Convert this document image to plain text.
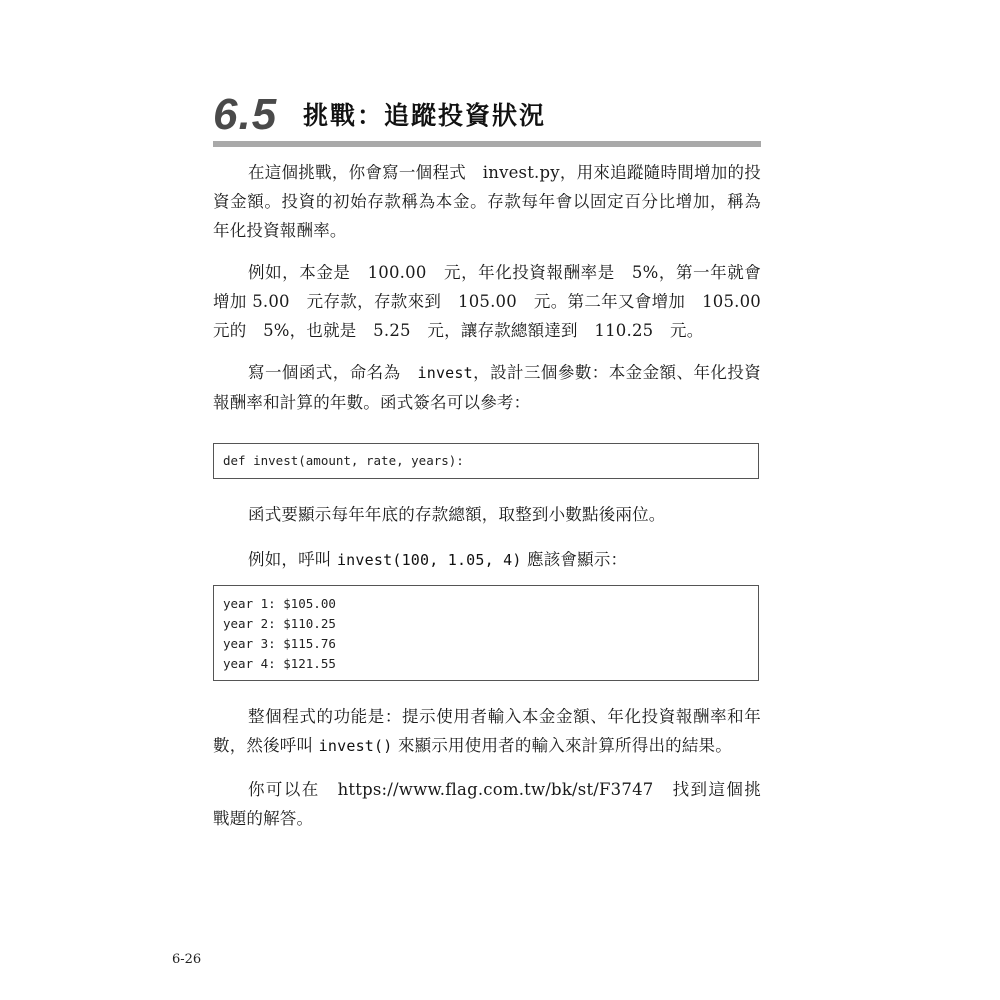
6.5 挑戰：追蹤投資狀況

在這個挑戰，你會寫一個程式　invest.py，用來追蹤隨時間增加的投資金額。投資的初始存款稱為本金。存款每年會以固定百分比增加，稱為年化投資報酬率。

例如，本金是　100.00　元，年化投資報酬率是　5%，第一年就會增加 5.00　元存款，存款來到　105.00　元。第二年又會增加　105.00　元的　5%，也就是　5.25　元，讓存款總額達到　110.25　元。

寫一個函式，命名為　invest，設計三個參數：本金金額、年化投資報酬率和計算的年數。函式簽名可以參考：

def invest(amount, rate, years):

函式要顯示每年年底的存款總額，取整到小數點後兩位。

例如，呼叫 invest(100, 1.05, 4) 應該會顯示：

year 1: $105.00
year 2: $110.25
year 3: $115.76
year 4: $121.55

整個程式的功能是：提示使用者輸入本金金額、年化投資報酬率和年數，然後呼叫 invest() 來顯示用使用者的輸入來計算所得出的結果。

你可以在　https://www.flag.com.tw/bk/st/F3747　找到這個挑戰題的解答。

6-26
